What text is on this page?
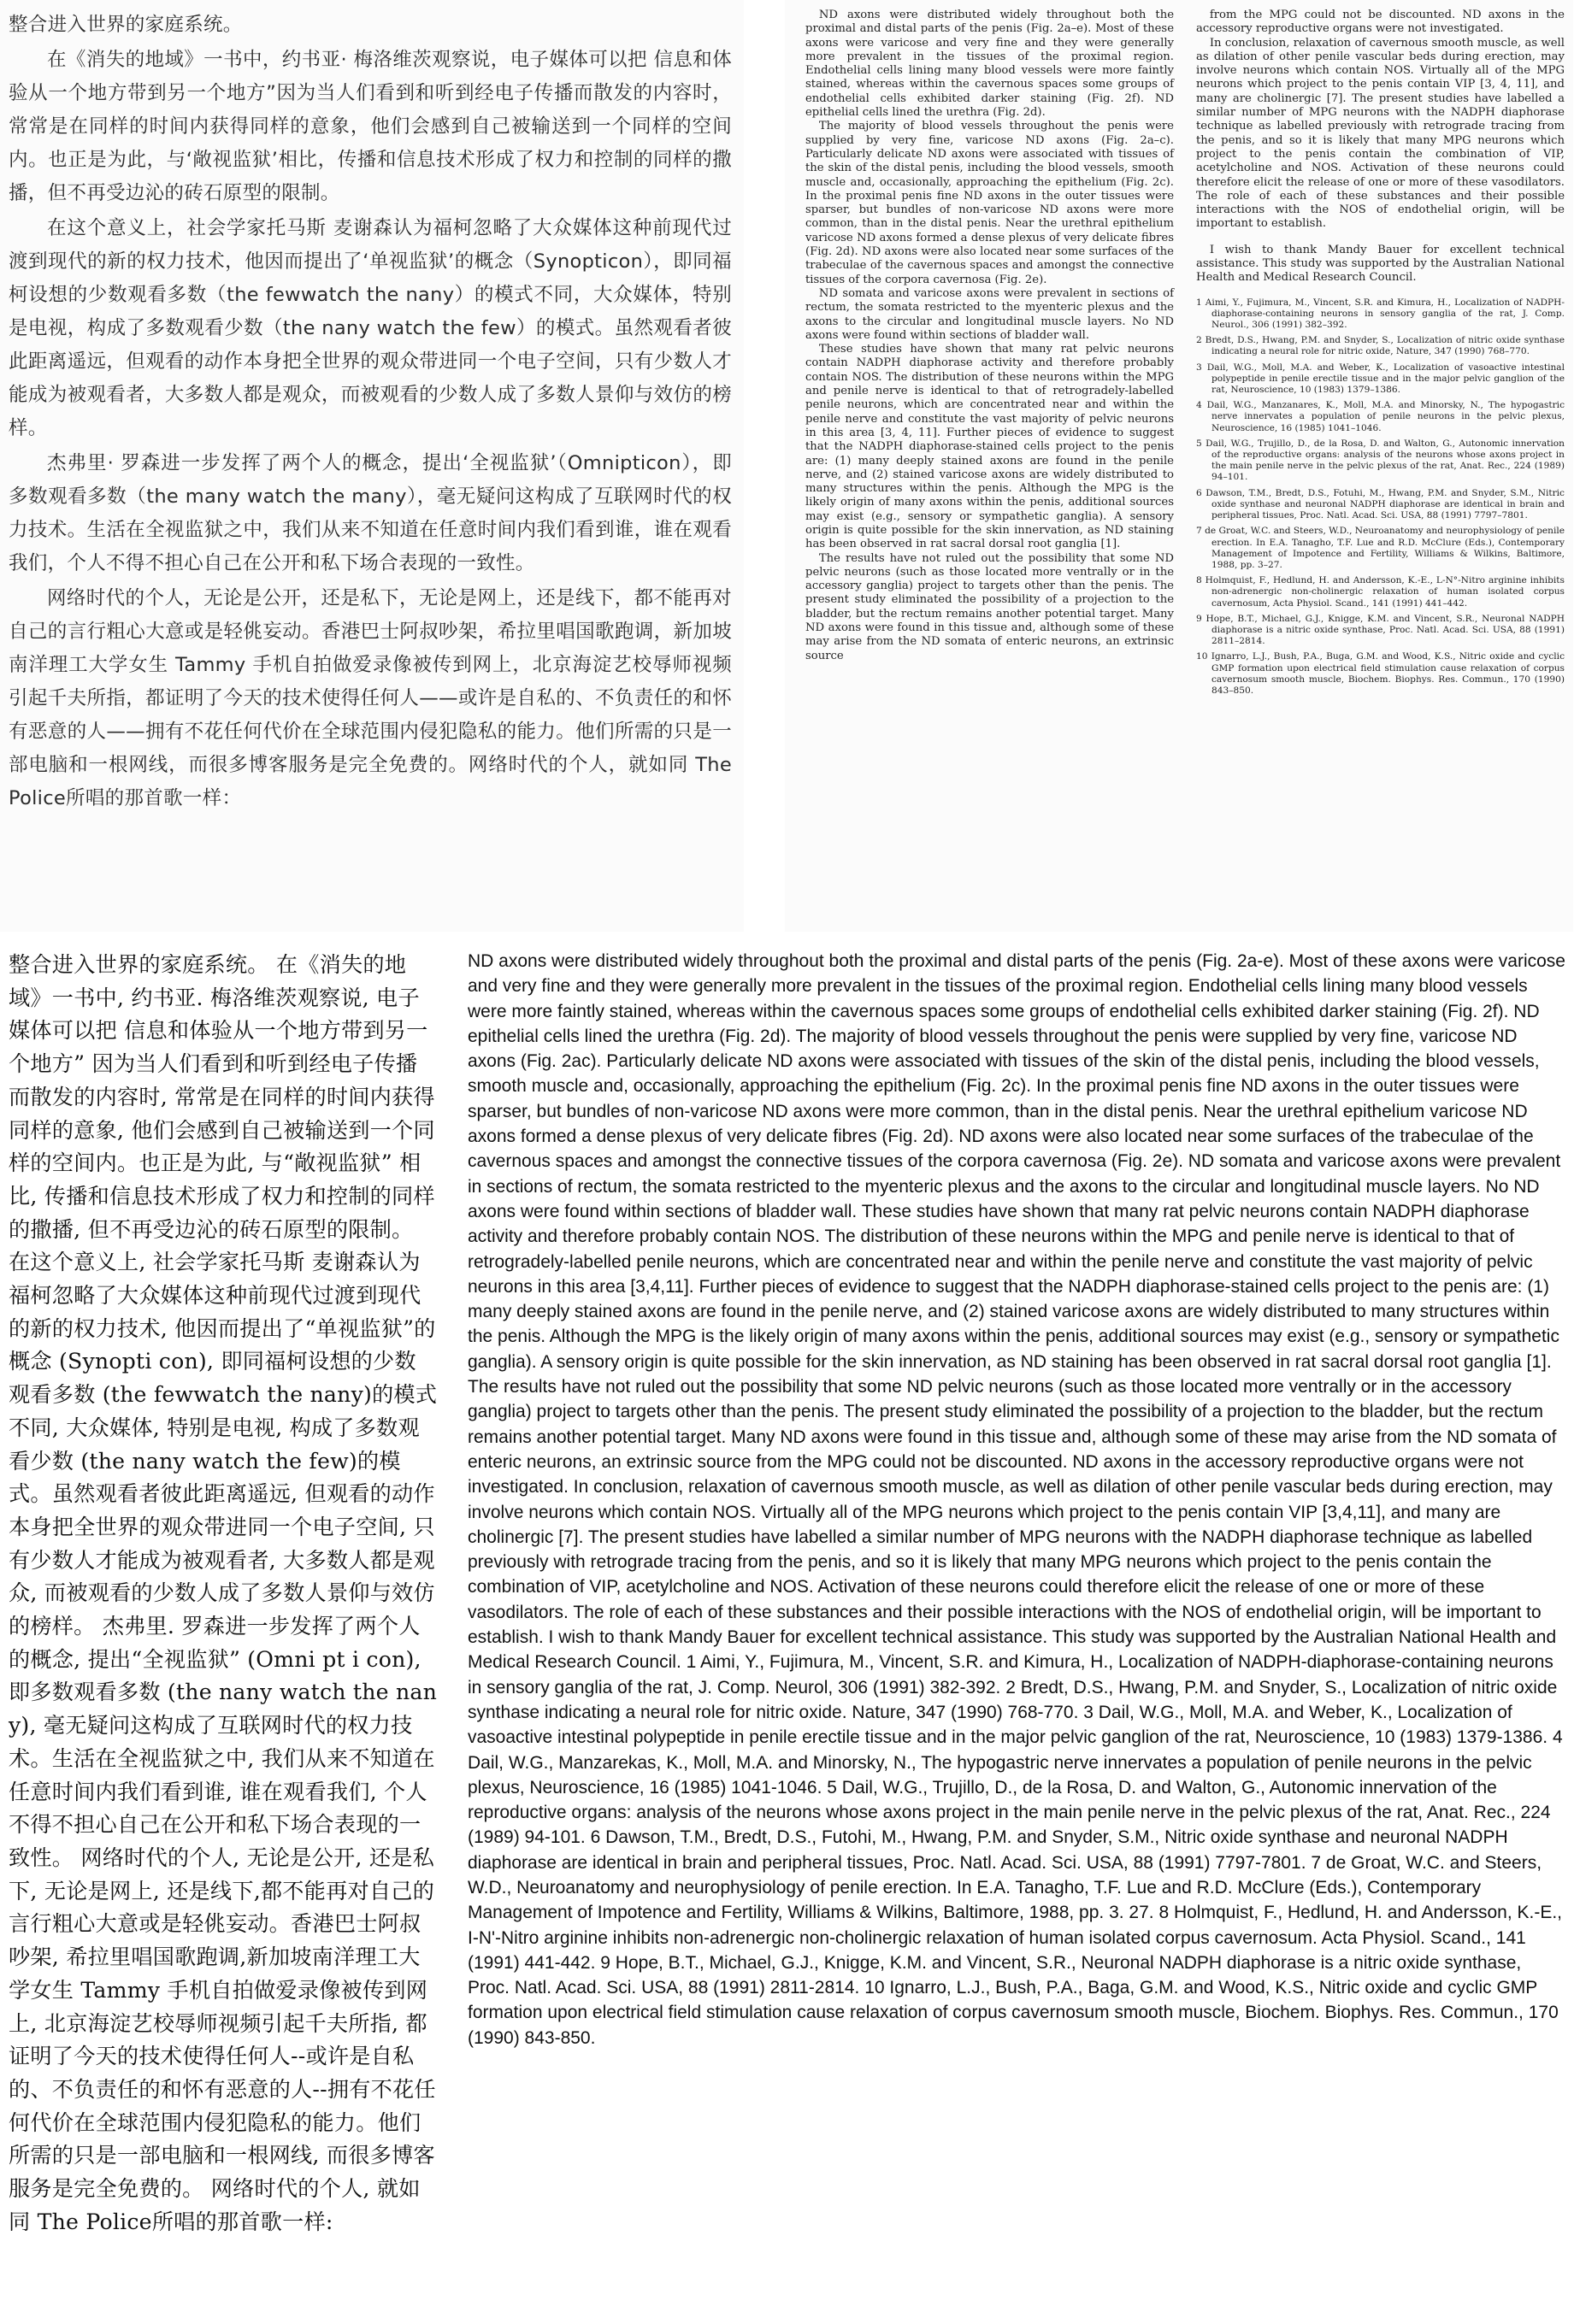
整合进入世界的家庭系统。

在《消失的地域》一书中，约书亚· 梅洛维茨观察说，电子媒体可以把 信息和体验从一个地方带到另一个地方”因为当人们看到和听到经电子传播而散发的内容时，常常是在同样的时间内获得同样的意象，他们会感到自己被输送到一个同样的空间内。也正是为此，与‘敞视监狱’相比，传播和信息技术形成了权力和控制的同样的撒播，但不再受边沁的砖石原型的限制。

在这个意义上，社会学家托马斯 麦谢森认为福柯忽略了大众媒体这种前现代过渡到现代的新的权力技术，他因而提出了‘单视监狱’的概念（Synopticon），即同福柯设想的少数观看多数（the fewwatch the nany）的模式不同，大众媒体，特别是电视，构成了多数观看少数（the nany watch the few）的模式。虽然观看者彼此距离遥远，但观看的动作本身把全世界的观众带进同一个电子空间，只有少数人才能成为被观看者，大多数人都是观众，而被观看的少数人成了多数人景仰与效仿的榜样。

杰弗里· 罗森进一步发挥了两个人的概念，提出‘全视监狱’（Omnipticon），即多数观看多数（the many watch the many），毫无疑问这构成了互联网时代的权力技术。生活在全视监狱之中，我们从来不知道在任意时间内我们看到谁，谁在观看我们，个人不得不担心自己在公开和私下场合表现的一致性。

网络时代的个人，无论是公开，还是私下，无论是网上，还是线下，都不能再对自己的言行粗心大意或是轻佻妄动。香港巴士阿叔吵架，希拉里唱国歌跑调，新加坡南洋理工大学女生 Tammy 手机自拍做爱录像被传到网上，北京海淀艺校辱师视频引起千夫所指，都证明了今天的技术使得任何人——或许是自私的、不负责任的和怀有恶意的人——拥有不花任何代价在全球范围内侵犯隐私的能力。他们所需的只是一部电脑和一根网线，而很多博客服务是完全免费的。网络时代的个人，就如同 The Police所唱的那首歌一样：

ND axons were distributed widely throughout both the proximal and distal parts of the penis (Fig. 2a–e). Most of these axons were varicose and very fine and they were generally more prevalent in the tissues of the proximal region. Endothelial cells lining many blood vessels were more faintly stained, whereas within the cavernous spaces some groups of endothelial cells exhibited darker staining (Fig. 2f). ND epithelial cells lined the urethra (Fig. 2d).

The majority of blood vessels throughout the penis were supplied by very fine, varicose ND axons (Fig. 2a–c). Particularly delicate ND axons were associated with tissues of the skin of the distal penis, including the blood vessels, smooth muscle and, occasionally, approaching the epithelium (Fig. 2c). In the proximal penis fine ND axons in the outer tissues were sparser, but bundles of non-varicose ND axons were more common, than in the distal penis. Near the urethral epithelium varicose ND axons formed a dense plexus of very delicate fibres (Fig. 2d). ND axons were also located near some surfaces of the trabeculae of the cavernous spaces and amongst the connective tissues of the corpora cavernosa (Fig. 2e).

ND somata and varicose axons were prevalent in sections of rectum, the somata restricted to the myenteric plexus and the axons to the circular and longitudinal muscle layers. No ND axons were found within sections of bladder wall.

These studies have shown that many rat pelvic neurons contain NADPH diaphorase activity and therefore probably contain NOS. The distribution of these neurons within the MPG and penile nerve is identical to that of retrogradely-labelled penile neurons, which are concentrated near and within the penile nerve and constitute the vast majority of pelvic neurons in this area [3, 4, 11]. Further pieces of evidence to suggest that the NADPH diaphorase-stained cells project to the penis are: (1) many deeply stained axons are found in the penile nerve, and (2) stained varicose axons are widely distributed to many structures within the penis. Although the MPG is the likely origin of many axons within the penis, additional sources may exist (e.g., sensory or sympathetic ganglia). A sensory origin is quite possible for the skin innervation, as ND staining has been observed in rat sacral dorsal root ganglia [1].

The results have not ruled out the possibility that some ND pelvic neurons (such as those located more ventrally or in the accessory ganglia) project to targets other than the penis. The present study eliminated the possibility of a projection to the bladder, but the rectum remains another potential target. Many ND axons were found in this tissue and, although some of these may arise from the ND somata of enteric neurons, an extrinsic source

from the MPG could not be discounted. ND axons in the accessory reproductive organs were not investigated.

In conclusion, relaxation of cavernous smooth muscle, as well as dilation of other penile vascular beds during erection, may involve neurons which contain NOS. Virtually all of the MPG neurons which project to the penis contain VIP [3, 4, 11], and many are cholinergic [7]. The present studies have labelled a similar number of MPG neurons with the NADPH diaphorase technique as labelled previously with retrograde tracing from the penis, and so it is likely that many MPG neurons which project to the penis contain the combination of VIP, acetylcholine and NOS. Activation of these neurons could therefore elicit the release of one or more of these vasodilators. The role of each of these substances and their possible interactions with the NOS of endothelial origin, will be important to establish.

I wish to thank Mandy Bauer for excellent technical assistance. This study was supported by the Australian National Health and Medical Research Council.

1 Aimi, Y., Fujimura, M., Vincent, S.R. and Kimura, H., Localization of NADPH-diaphorase-containing neurons in sensory ganglia of the rat, J. Comp. Neurol., 306 (1991) 382–392.
2 Bredt, D.S., Hwang, P.M. and Snyder, S., Localization of nitric oxide synthase indicating a neural role for nitric oxide, Nature, 347 (1990) 768–770.
3 Dail, W.G., Moll, M.A. and Weber, K., Localization of vasoactive intestinal polypeptide in penile erectile tissue and in the major pelvic ganglion of the rat, Neuroscience, 10 (1983) 1379–1386.
4 Dail, W.G., Manzanares, K., Moll, M.A. and Minorsky, N., The hypogastric nerve innervates a population of penile neurons in the pelvic plexus, Neuroscience, 16 (1985) 1041–1046.
5 Dail, W.G., Trujillo, D., de la Rosa, D. and Walton, G., Autonomic innervation of the reproductive organs: analysis of the neurons whose axons project in the main penile nerve in the pelvic plexus of the rat, Anat. Rec., 224 (1989) 94–101.
6 Dawson, T.M., Bredt, D.S., Fotuhi, M., Hwang, P.M. and Snyder, S.M., Nitric oxide synthase and neuronal NADPH diaphorase are identical in brain and peripheral tissues, Proc. Natl. Acad. Sci. USA, 88 (1991) 7797–7801.
7 de Groat, W.C. and Steers, W.D., Neuroanatomy and neurophysiology of penile erection. In E.A. Tanagho, T.F. Lue and R.D. McClure (Eds.), Contemporary Management of Impotence and Fertility, Williams & Wilkins, Baltimore, 1988, pp. 3–27.
8 Holmquist, F., Hedlund, H. and Andersson, K.-E., L-N°-Nitro arginine inhibits non-adrenergic non-cholinergic relaxation of human isolated corpus cavernosum, Acta Physiol. Scand., 141 (1991) 441–442.
9 Hope, B.T., Michael, G.J., Knigge, K.M. and Vincent, S.R., Neuronal NADPH diaphorase is a nitric oxide synthase, Proc. Natl. Acad. Sci. USA, 88 (1991) 2811–2814.
10 Ignarro, L.J., Bush, P.A., Buga, G.M. and Wood, K.S., Nitric oxide and cyclic GMP formation upon electrical field stimulation cause relaxation of corpus cavernosum smooth muscle, Biochem. Biophys. Res. Commun., 170 (1990) 843–850.
整合进入世界的家庭系统。 在《消失的地域》一书中, 约书亚. 梅洛维茨观察说, 电子媒体可以把 信息和体验从一个地方带到另一个地方” 因为当人们看到和听到经电子传播而散发的内容时, 常常是在同样的时间内获得同样的意象, 他们会感到自己被输送到一个同样的空间内。也正是为此, 与“敞视监狱” 相比, 传播和信息技术形成了权力和控制的同样的撒播, 但不再受边沁的砖石原型的限制。 在这个意义上, 社会学家托马斯 麦谢森认为福柯忽略了大众媒体这种前现代过渡到现代的新的权力技术, 他因而提出了“单视监狱”的概念 (Synopti con), 即同福柯设想的少数观看多数 (the fewwatch the nany)的模式不同, 大众媒体, 特别是电视, 构成了多数观看少数 (the nany watch the few)的模式。虽然观看者彼此距离遥远, 但观看的动作本身把全世界的观众带进同一个电子空间, 只有少数人才能成为被观看者, 大多数人都是观众, 而被观看的少数人成了多数人景仰与效仿的榜样。 杰弗里. 罗森进一步发挥了两个人的概念, 提出“全视监狱” (Omni pt i con), 即多数观看多数 (the nany watch the nany), 毫无疑问这构成了互联网时代的权力技术。生活在全视监狱之中, 我们从来不知道在任意时间内我们看到谁, 谁在观看我们, 个人不得不担心自己在公开和私下场合表现的一致性。 网络时代的个人, 无论是公开, 还是私下, 无论是网上, 还是线下,都不能再对自己的言行粗心大意或是轻佻妄动。香港巴士阿叔吵架, 希拉里唱国歌跑调,新加坡南洋理工大学女生 Tammy 手机自拍做爱录像被传到网上, 北京海淀艺校辱师视频引起千夫所指, 都证明了今天的技术使得任何人--或许是自私的、不负责任的和怀有恶意的人--拥有不花任何代价在全球范围内侵犯隐私的能力。他们所需的只是一部电脑和一根网线, 而很多博客服务是完全免费的。 网络时代的个人, 就如同 The Police所唱的那首歌一样:
ND axons were distributed widely throughout both the proximal and distal parts of the penis (Fig. 2a-e). Most of these axons were varicose and very fine and they were generally more prevalent in the tissues of the proximal region. Endothelial cells lining many blood vessels were more faintly stained, whereas within the cavernous spaces some groups of endothelial cells exhibited darker staining (Fig. 2f). ND epithelial cells lined the urethra (Fig. 2d). The majority of blood vessels throughout the penis were supplied by very fine, varicose ND axons (Fig. 2ac). Particularly delicate ND axons were associated with tissues of the skin of the distal penis, including the blood vessels, smooth muscle and, occasionally, approaching the epithelium (Fig. 2c). In the proximal penis fine ND axons in the outer tissues were sparser, but bundles of non-varicose ND axons were more common, than in the distal penis. Near the urethral epithelium varicose ND axons formed a dense plexus of very delicate fibres (Fig. 2d). ND axons were also located near some surfaces of the trabeculae of the cavernous spaces and amongst the connective tissues of the corpora cavernosa (Fig. 2e). ND somata and varicose axons were prevalent in sections of rectum, the somata restricted to the myenteric plexus and the axons to the circular and longitudinal muscle layers. No ND axons were found within sections of bladder wall. These studies have shown that many rat pelvic neurons contain NADPH diaphorase activity and therefore probably contain NOS. The distribution of these neurons within the MPG and penile nerve is identical to that of retrogradely-labelled penile neurons, which are concentrated near and within the penile nerve and constitute the vast majority of pelvic neurons in this area [3,4,11]. Further pieces of evidence to suggest that the NADPH diaphorase-stained cells project to the penis are: (1) many deeply stained axons are found in the penile nerve, and (2) stained varicose axons are widely distributed to many structures within the penis. Although the MPG is the likely origin of many axons within the penis, additional sources may exist (e.g., sensory or sympathetic ganglia). A sensory origin is quite possible for the skin innervation, as ND staining has been observed in rat sacral dorsal root ganglia [1]. The results have not ruled out the possibility that some ND pelvic neurons (such as those located more ventrally or in the accessory ganglia) project to targets other than the penis. The present study eliminated the possibility of a projection to the bladder, but the rectum remains another potential target. Many ND axons were found in this tissue and, although some of these may arise from the ND somata of enteric neurons, an extrinsic source from the MPG could not be discounted. ND axons in the accessory reproductive organs were not investigated. In conclusion, relaxation of cavernous smooth muscle, as well as dilation of other penile vascular beds during erection, may involve neurons which contain NOS. Virtually all of the MPG neurons which project to the penis contain VIP [3,4,11], and many are cholinergic [7]. The present studies have labelled a similar number of MPG neurons with the NADPH diaphorase technique as labelled previously with retrograde tracing from the penis, and so it is likely that many MPG neurons which project to the penis contain the combination of VIP, acetylcholine and NOS. Activation of these neurons could therefore elicit the release of one or more of these vasodilators. The role of each of these substances and their possible interactions with the NOS of endothelial origin, will be important to establish. I wish to thank Mandy Bauer for excellent technical assistance. This study was supported by the Australian National Health and Medical Research Council. 1 Aimi, Y., Fujimura, M., Vincent, S.R. and Kimura, H., Localization of NADPH-diaphorase-containing neurons in sensory ganglia of the rat, J. Comp. Neurol, 306 (1991) 382-392. 2 Bredt, D.S., Hwang, P.M. and Snyder, S., Localization of nitric oxide synthase indicating a neural role for nitric oxide. Nature, 347 (1990) 768-770. 3 Dail, W.G., Moll, M.A. and Weber, K., Localization of vasoactive intestinal polypeptide in penile erectile tissue and in the major pelvic ganglion of the rat, Neuroscience, 10 (1983) 1379-1386. 4 Dail, W.G., Manzarekas, K., Moll, M.A. and Minorsky, N., The hypogastric nerve innervates a population of penile neurons in the pelvic plexus, Neuroscience, 16 (1985) 1041-1046. 5 Dail, W.G., Trujillo, D., de la Rosa, D. and Walton, G., Autonomic innervation of the reproductive organs: analysis of the neurons whose axons project in the main penile nerve in the pelvic plexus of the rat, Anat. Rec., 224 (1989) 94-101. 6 Dawson, T.M., Bredt, D.S., Futohi, M., Hwang, P.M. and Snyder, S.M., Nitric oxide synthase and neuronal NADPH diaphorase are identical in brain and peripheral tissues, Proc. Natl. Acad. Sci. USA, 88 (1991) 7797-7801. 7 de Groat, W.C. and Steers, W.D., Neuroanatomy and neurophysiology of penile erection. In E.A. Tanagho, T.F. Lue and R.D. McClure (Eds.), Contemporary Management of Impotence and Fertility, Williams & Wilkins, Baltimore, 1988, pp. 3. 27. 8 Holmquist, F., Hedlund, H. and Andersson, K.-E., I-N'-Nitro arginine inhibits non-adrenergic non-cholinergic relaxation of human isolated corpus cavernosum. Acta Physiol. Scand., 141 (1991) 441-442. 9 Hope, B.T., Michael, G.J., Knigge, K.M. and Vincent, S.R., Neuronal NADPH diaphorase is a nitric oxide synthase, Proc. Natl. Acad. Sci. USA, 88 (1991) 2811-2814. 10 Ignarro, L.J., Bush, P.A., Baga, G.M. and Wood, K.S., Nitric oxide and cyclic GMP formation upon electrical field stimulation cause relaxation of corpus cavernosum smooth muscle, Biochem. Biophys. Res. Commun., 170 (1990) 843-850.
